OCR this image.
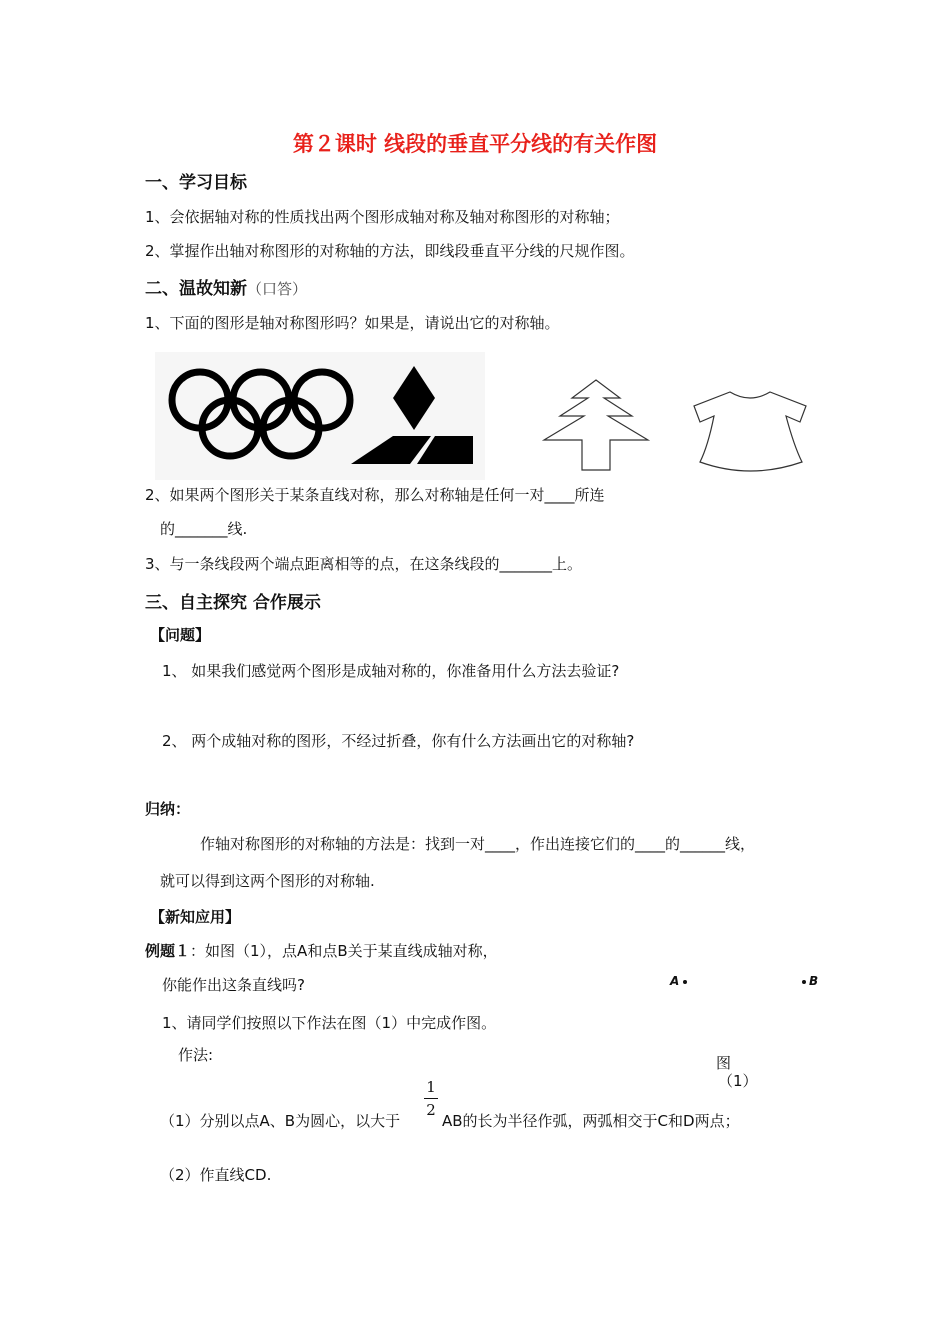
第２课时 线段的垂直平分线的有关作图
一、学习目标
1、会依据轴对称的性质找出两个图形成轴对称及轴对称图形的对称轴；
2、掌握作出轴对称图形的对称轴的方法，即线段垂直平分线的尺规作图。
二、温故知新（口答）
1、下面的图形是轴对称图形吗？如果是，请说出它的对称轴。
2、如果两个图形关于某条直线对称，那么对称轴是任何一对____所连
的_______线.
3、与一条线段两个端点距离相等的点，在这条线段的_______上。
三、自主探究 合作展示
【问题】
1、 如果我们感觉两个图形是成轴对称的，你准备用什么方法去验证?
2、 两个成轴对称的图形，不经过折叠，你有什么方法画出它的对称轴?
归纳：
作轴对称图形的对称轴的方法是：找到一对____，作出连接它们的____的______线，
就可以得到这两个图形的对称轴.
【新知应用】
例题１：如图（1），点A和点B关于某直线成轴对称，
你能作出这条直线吗?	A	B
1、请同学们按照以下作法在图（1）中完成作图。
作法:	图
（1）
（1）分别以点A、B为圆心，以大于
1
2
AB的长为半径作弧，两弧相交于C和D两点；
（2）作直线CD.
